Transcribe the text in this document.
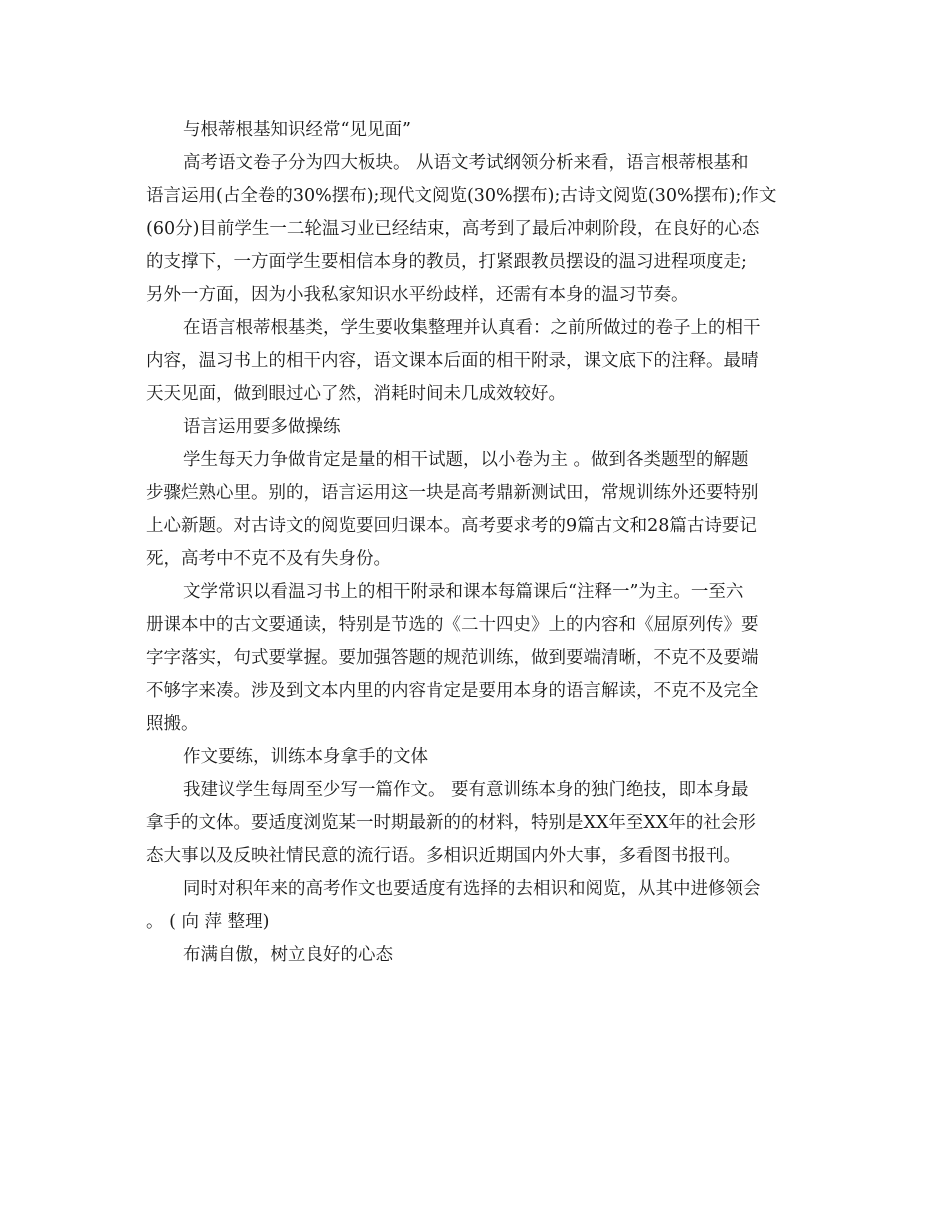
与根蒂根基知识经常“见见面”
高考语文卷子分为四大板块。 从语文考试纲领分析来看，语言根蒂根基和
语言运用(占全卷的30%摆布);现代文阅览(30%摆布);古诗文阅览(30%摆布);作文
(60分)目前学生一二轮温习业已经结束，高考到了最后冲刺阶段，在良好的心态
的支撑下，一方面学生要相信本身的教员，打紧跟教员摆设的温习进程项度走;
另外一方面，因为小我私家知识水平纷歧样，还需有本身的温习节奏。
在语言根蒂根基类，学生要收集整理并认真看：之前所做过的卷子上的相干
内容，温习书上的相干内容，语文课本后面的相干附录，课文底下的注释。最晴
天天见面，做到眼过心了然，消耗时间未几成效较好。
语言运用要多做操练
学生每天力争做肯定是量的相干试题，以小卷为主 。做到各类题型的解题
步骤烂熟心里。别的，语言运用这一块是高考鼎新测试田，常规训练外还要特别
上心新题。对古诗文的阅览要回归课本。高考要求考的9篇古文和28篇古诗要记
死，高考中不克不及有失身份。
文学常识以看温习书上的相干附录和课本每篇课后“注释一”为主。一至六
册课本中的古文要通读，特别是节选的《二十四史》上的内容和《屈原列传》要
字字落实，句式要掌握。要加强答题的规范训练，做到要端清晰，不克不及要端
不够字来凑。涉及到文本内里的内容肯定是要用本身的语言解读，不克不及完全
照搬。
作文要练，训练本身拿手的文体
我建议学生每周至少写一篇作文。 要有意训练本身的独门绝技，即本身最
拿手的文体。要适度浏览某一时期最新的的材料，特别是XX年至XX年的社会形
态大事以及反映社情民意的流行语。多相识近期国内外大事，多看图书报刊。
同时对积年来的高考作文也要适度有选择的去相识和阅览，从其中进修领会
。 ( 向 萍 整理)
布满自傲，树立良好的心态
